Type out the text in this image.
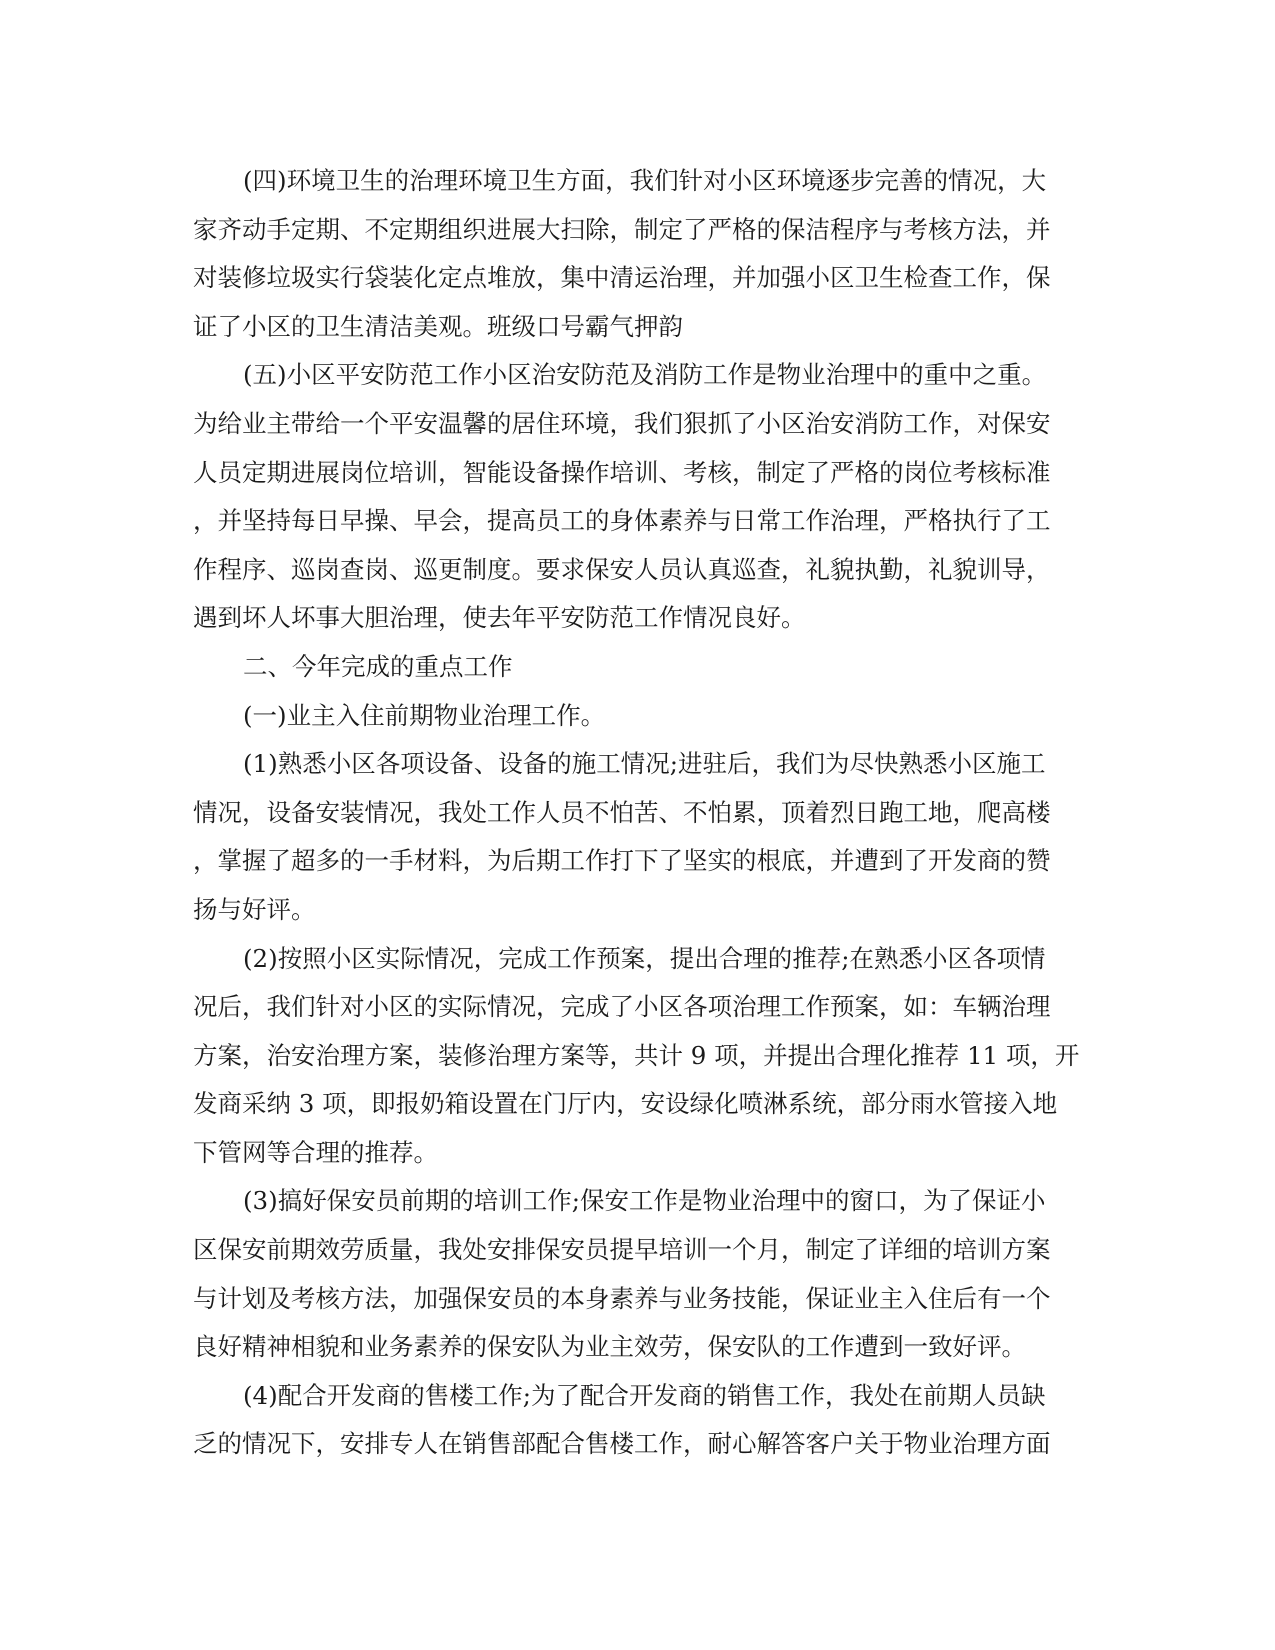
(四)环境卫生的治理环境卫生方面，我们针对小区环境逐步完善的情况，大
家齐动手定期、不定期组织进展大扫除，制定了严格的保洁程序与考核方法，并
对装修垃圾实行袋装化定点堆放，集中清运治理，并加强小区卫生检查工作，保
证了小区的卫生清洁美观。班级口号霸气押韵
(五)小区平安防范工作小区治安防范及消防工作是物业治理中的重中之重。
为给业主带给一个平安温馨的居住环境，我们狠抓了小区治安消防工作，对保安
人员定期进展岗位培训，智能设备操作培训、考核，制定了严格的岗位考核标准
，并坚持每日早操、早会，提高员工的身体素养与日常工作治理，严格执行了工
作程序、巡岗查岗、巡更制度。要求保安人员认真巡查，礼貌执勤，礼貌训导，
遇到坏人坏事大胆治理，使去年平安防范工作情况良好。
二、今年完成的重点工作
(一)业主入住前期物业治理工作。
(1)熟悉小区各项设备、设备的施工情况;进驻后，我们为尽快熟悉小区施工
情况，设备安装情况，我处工作人员不怕苦、不怕累，顶着烈日跑工地，爬高楼
，掌握了超多的一手材料，为后期工作打下了坚实的根底，并遭到了开发商的赞
扬与好评。
(2)按照小区实际情况，完成工作预案，提出合理的推荐;在熟悉小区各项情
况后，我们针对小区的实际情况，完成了小区各项治理工作预案，如：车辆治理
方案，治安治理方案，装修治理方案等，共计 9 项，并提出合理化推荐 11 项，开
发商采纳 3 项，即报奶箱设置在门厅内，安设绿化喷淋系统，部分雨水管接入地
下管网等合理的推荐。
(3)搞好保安员前期的培训工作;保安工作是物业治理中的窗口，为了保证小
区保安前期效劳质量，我处安排保安员提早培训一个月，制定了详细的培训方案
与计划及考核方法，加强保安员的本身素养与业务技能，保证业主入住后有一个
良好精神相貌和业务素养的保安队为业主效劳，保安队的工作遭到一致好评。
(4)配合开发商的售楼工作;为了配合开发商的销售工作，我处在前期人员缺
乏的情况下，安排专人在销售部配合售楼工作，耐心解答客户关于物业治理方面
